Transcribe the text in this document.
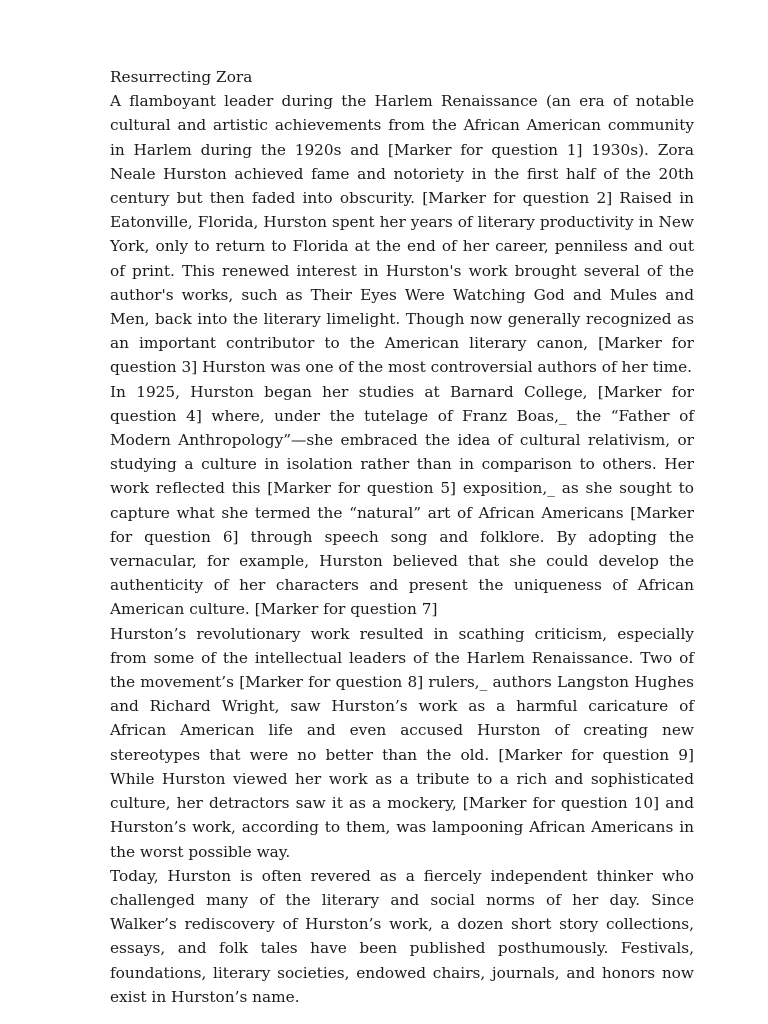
Resurrecting Zora

A flamboyant leader during the Harlem Renaissance (an era of notable cultural and artistic achievements from the African American community in Harlem during the 1920s and [Marker for question 1] 1930s). Zora Neale Hurston achieved fame and notoriety in the first half of the 20th century but then faded into obscurity. [Marker for question 2] Raised in Eatonville, Florida, Hurston spent her years of literary productivity in New York, only to return to Florida at the end of her career, penniless and out of print. This renewed interest in Hurston's work brought several of the author's works, such as Their Eyes Were Watching God and Mules and Men, back into the literary limelight. Though now generally recognized as an important contributor to the American literary canon, [Marker for question 3] Hurston was one of the most controversial authors of her time.

In 1925, Hurston began her studies at Barnard College, [Marker for question 4] where, under the tutelage of Franz Boas,_ the “Father of Modern Anthropology”—she embraced the idea of cultural relativism, or studying a culture in isolation rather than in comparison to others. Her work reflected this [Marker for question 5] exposition,_ as she sought to capture what she termed the “natural” art of African Americans [Marker for question 6] through speech song and folklore. By adopting the vernacular, for example, Hurston believed that she could develop the authenticity of her characters and present the uniqueness of African American culture. [Marker for question 7]

Hurston’s revolutionary work resulted in scathing criticism, especially from some of the intellectual leaders of the Harlem Renaissance. Two of the movement’s [Marker for question 8] rulers,_ authors Langston Hughes and Richard Wright, saw Hurston’s work as a harmful caricature of African American life and even accused Hurston of creating new stereotypes that were no better than the old. [Marker for question 9] While Hurston viewed her work as a tribute to a rich and sophisticated culture, her detractors saw it as a mockery, [Marker for question 10] and Hurston’s work, according to them, was lampooning African Americans in the worst possible way.

Today, Hurston is often revered as a fiercely independent thinker who challenged many of the literary and social norms of her day. Since Walker’s rediscovery of Hurston’s work, a dozen short story collections, essays, and folk tales have been published posthumously. Festivals, foundations, literary societies, endowed chairs, journals, and honors now exist in Hurston’s name.
